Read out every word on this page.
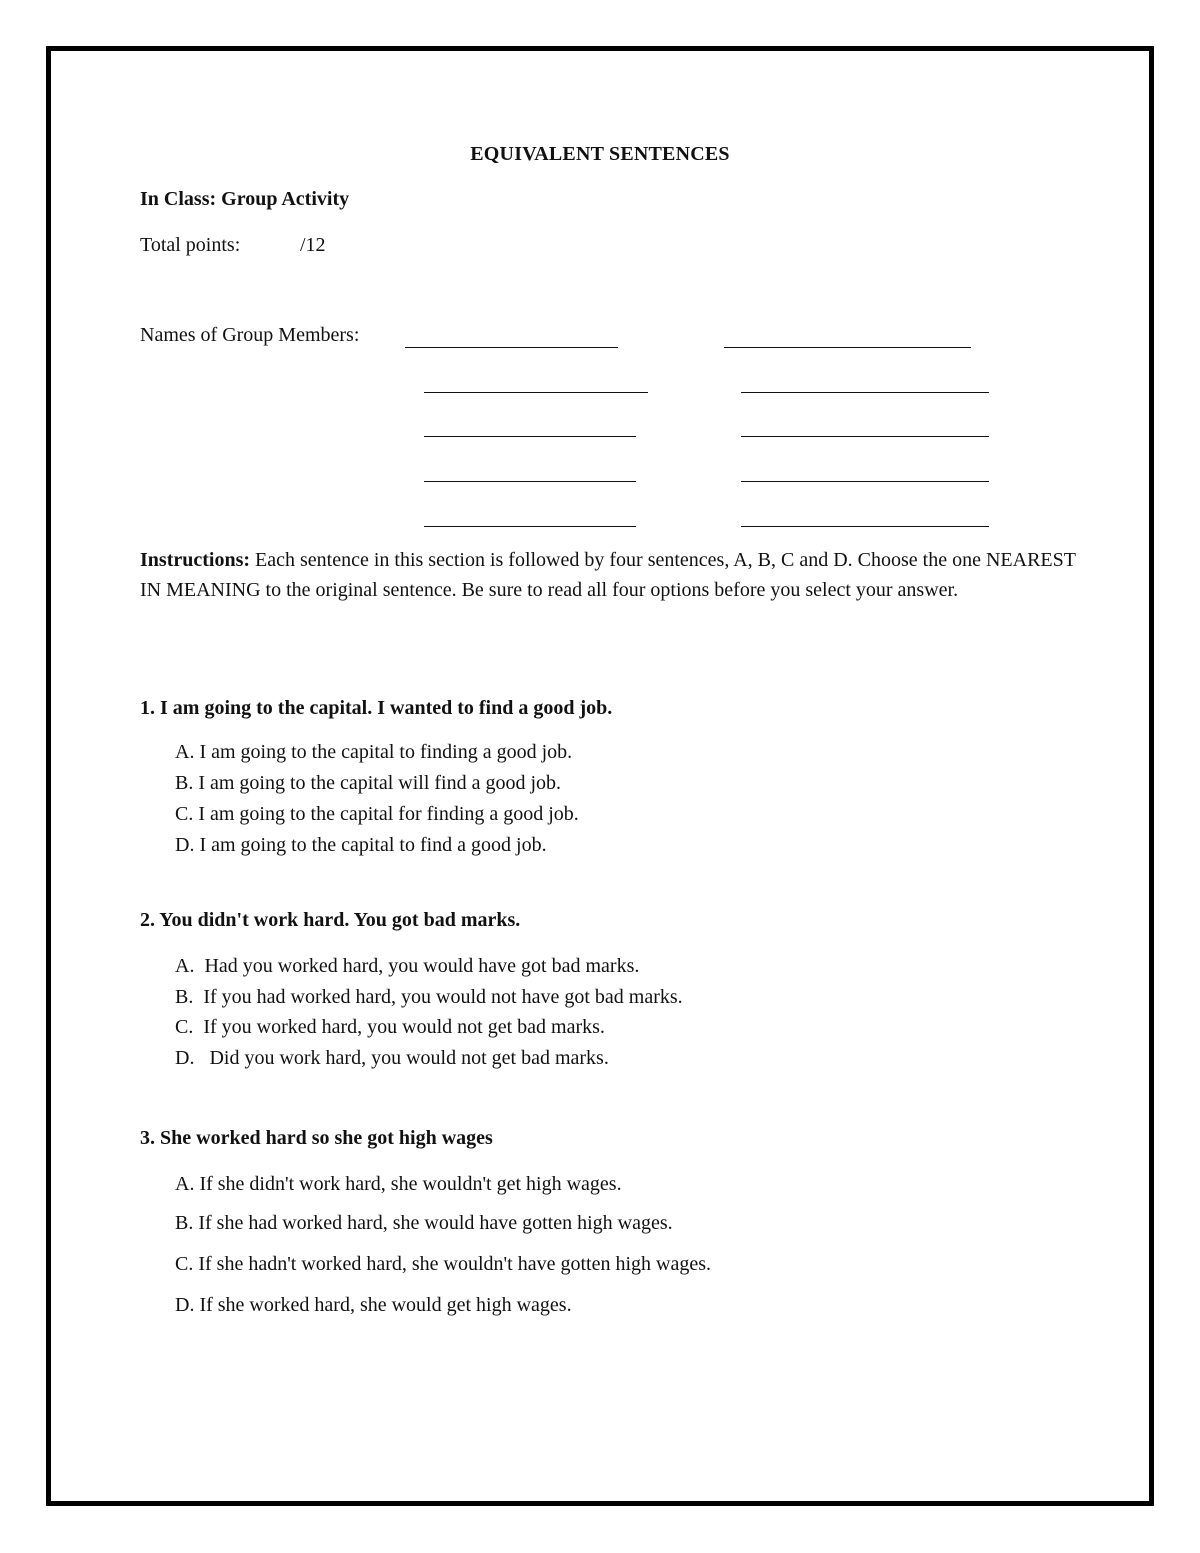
EQUIVALENT SENTENCES
In Class: Group Activity
Total points:	/12
Names of Group Members:
Instructions: Each sentence in this section is followed by four sentences, A, B, C and D. Choose the one NEAREST IN MEANING to the original sentence. Be sure to read all four options before you select your answer.
1. I am going to the capital. I wanted to find a good job.
A. I am going to the capital to finding a good job.
B. I am going to the capital will find a good job.
C. I am going to the capital for finding a good job.
D. I am going to the capital to find a good job.
2. You didn't work hard. You got bad marks.
A.  Had you worked hard, you would have got bad marks.
B.  If you had worked hard, you would not have got bad marks.
C.  If you worked hard, you would not get bad marks.
D.   Did you work hard, you would not get bad marks.
3. She worked hard so she got high wages
A. If she didn't work hard, she wouldn't get high wages.
B. If she had worked hard, she would have gotten high wages.
C. If she hadn't worked hard, she wouldn't have gotten high wages.
D. If she worked hard, she would get high wages.
